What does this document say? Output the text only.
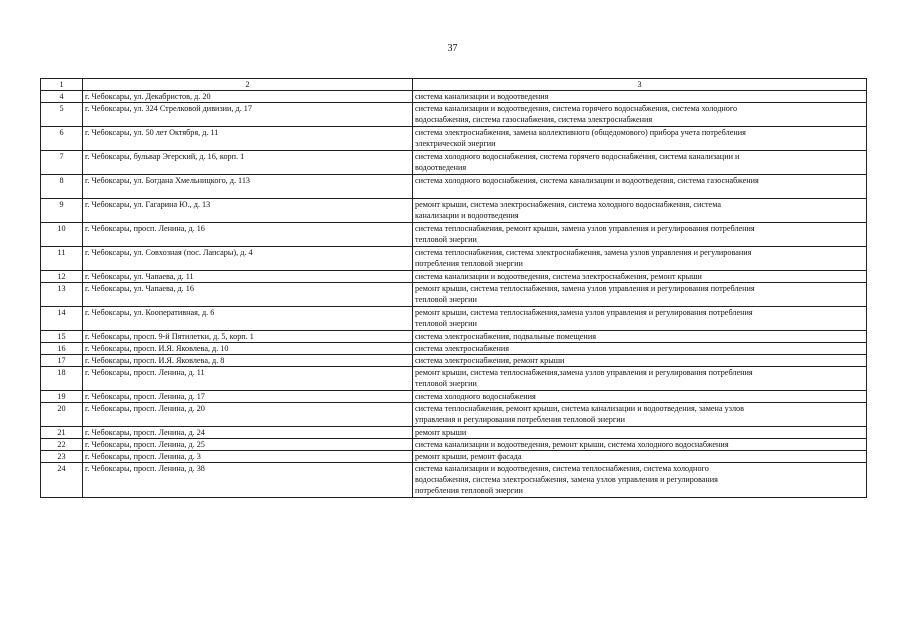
37
1	2	3
4	г. Чебоксары, ул. Декабристов, д. 20	система канализации и водоотведения

5	г. Чебоксары, ул. 324 Стрелковой дивизии, д. 17	система канализации и водоотведения, система горячего водоснабжения, система холодного
водоснабжения, система газоснабжения, система электроснабжения

6	г. Чебоксары, ул. 50 лет Октября, д. 11	система электроснабжения, замена коллективного (общедомового) прибора учета потребления
электрической энергии

7	г. Чебоксары, бульвар Эгерский, д. 16, корп. 1	система холодного водоснабжения, система горячего водоснабжения, система канализации и
водоотведения

8	г. Чебоксары, ул. Богдана Хмельницкого, д. 113	система холодного водоснабжения, система канализации и водоотведения, система газоснабжения

9	г. Чебоксары, ул. Гагарина Ю., д. 13	ремонт крыши, система электроснабжения, система холодного водоснабжения, система
канализации и водоотведения

10	г. Чебоксары, просп. Ленина, д. 16	система теплоснабжения, ремонт крыши, замена узлов управления и регулирования потребления
тепловой энергии

11	г. Чебоксары, ул. Совхозная (пос. Лапсары), д. 4	система теплоснабжения, система электроснабжения, замена узлов управления и регулирования
потребления тепловой энергии

12	г. Чебоксары, ул. Чапаева, д. 11	система канализации и водоотведения, система электроснабжения, ремонт крыши

13	г. Чебоксары, ул. Чапаева, д. 16	ремонт крыши, система теплоснабжения, замена узлов управления и регулирования потребления
тепловой энергии

14	г. Чебоксары, ул. Кооперативная, д. 6	ремонт крыши, система теплоснабжения,замена узлов управления и регулирования потребления
тепловой энергии

15	г. Чебоксары, просп. 9-й Пятилетки, д. 5, корп. 1	система электроснабжения, подвальные помещения

16	г. Чебоксары, просп. И.Я. Яковлева, д. 10	система электроснабжения

17	г. Чебоксары, просп. И.Я. Яковлева, д. 8	система электроснабжения, ремонт крыши

18	г. Чебоксары, просп. Ленина, д. 11	ремонт крыши, система теплоснабжения,замена узлов управления и регулирования потребления
тепловой энергии

19	г. Чебоксары, просп. Ленина, д. 17	система холодного водоснабжения

20	г. Чебоксары, просп. Ленина, д. 20	система теплоснабжения, ремонт крыши, система канализации и водоотведения, замена узлов
управления и регулирования потребления тепловой энергии

21	г. Чебоксары, просп. Ленина, д. 24	ремонт крыши

22	г. Чебоксары, просп. Ленина, д. 25	система канализации и водоотведения, ремонт крыши, система холодного водоснабжения

23	г. Чебоксары, просп. Ленина, д. 3	ремонт крыши, ремонт фасада

24	г. Чебоксары, просп. Ленина, д. 38	система канализации и водоотведения, система теплоснабжения, система холодного
водоснабжения, система электроснабжения, замена узлов управления и регулирования
потребления тепловой энергии
